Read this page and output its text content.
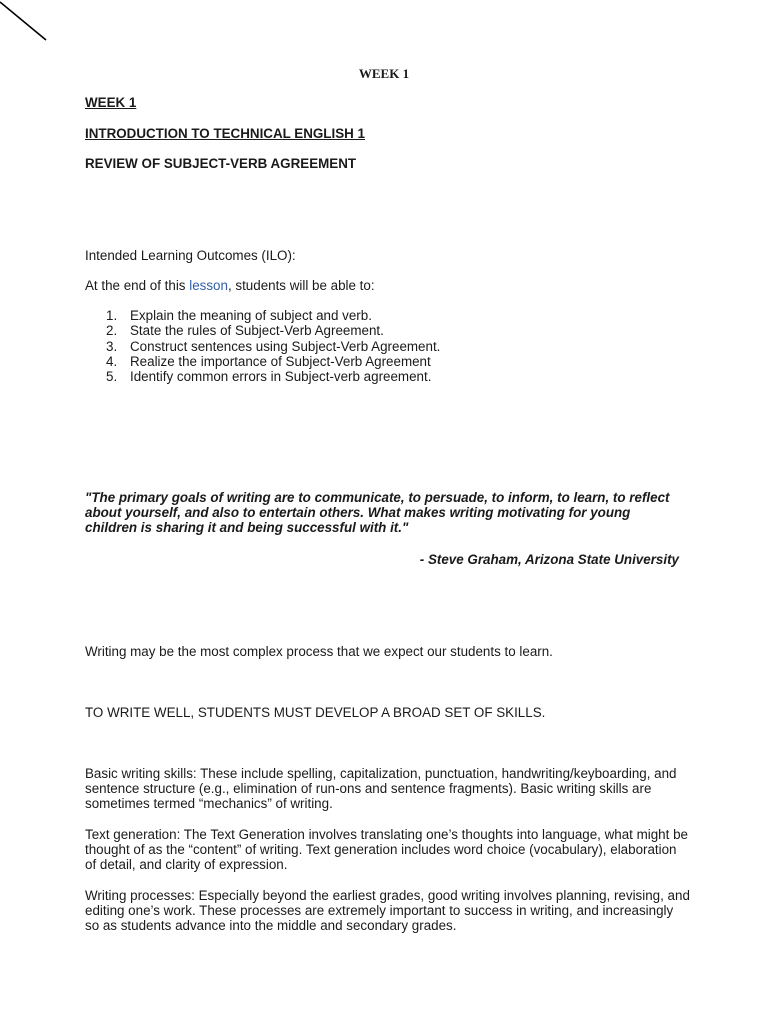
WEEK 1
WEEK 1
INTRODUCTION TO TECHNICAL ENGLISH 1
REVIEW OF SUBJECT-VERB AGREEMENT
Intended Learning Outcomes (ILO):
At the end of this lesson, students will be able to:
1. Explain the meaning of subject and verb.
2. State the rules of Subject-Verb Agreement.
3. Construct sentences using Subject-Verb Agreement.
4. Realize the importance of Subject-Verb Agreement
5. Identify common errors in Subject-verb agreement.
"The primary goals of writing are to communicate, to persuade, to inform, to learn, to reflect about yourself, and also to entertain others. What makes writing motivating for young children is sharing it and being successful with it."
- Steve Graham, Arizona State University
Writing may be the most complex process that we expect our students to learn.
TO WRITE WELL, STUDENTS MUST DEVELOP A BROAD SET OF SKILLS.
Basic writing skills: These include spelling, capitalization, punctuation, handwriting/keyboarding, and sentence structure (e.g., elimination of run-ons and sentence fragments). Basic writing skills are sometimes termed “mechanics” of writing.
Text generation: The Text Generation involves translating one’s thoughts into language, what might be thought of as the “content” of writing. Text generation includes word choice (vocabulary), elaboration of detail, and clarity of expression.
Writing processes: Especially beyond the earliest grades, good writing involves planning, revising, and editing one’s work. These processes are extremely important to success in writing, and increasingly so as students advance into the middle and secondary grades.
